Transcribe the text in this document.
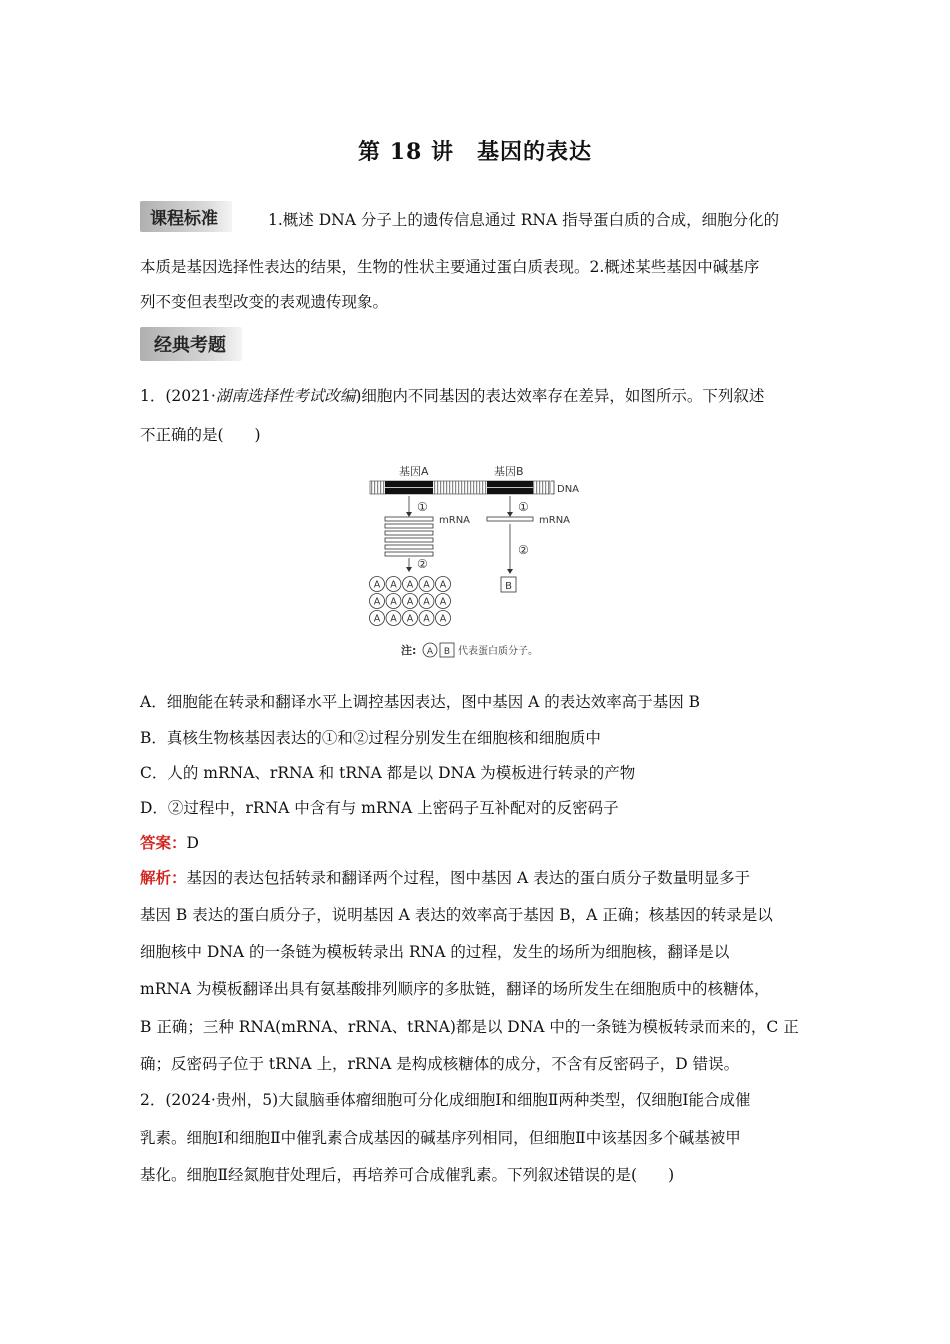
第 18 讲　基因的表达
课程标准	1.概述 DNA 分子上的遗传信息通过 RNA 指导蛋白质的合成，细胞分化的
本质是基因选择性表达的结果，生物的性状主要通过蛋白质表现。2.概述某些基因中碱基序
列不变但表型改变的表观遗传现象。
经典考题
1．(2021·湖南选择性考试改编)细胞内不同基因的表达效率存在差异，如图所示。下列叙述
不正确的是(　　)
基因A	基因B
DNA
①	①
mRNA	mRNA
②
②
A A A A A
A A A A A
A A A A A
B
注: A B 代表蛋白质分子。
A．细胞能在转录和翻译水平上调控基因表达，图中基因 A 的表达效率高于基因 B
B．真核生物核基因表达的①和②过程分别发生在细胞核和细胞质中
C．人的 mRNA、rRNA 和 tRNA 都是以 DNA 为模板进行转录的产物
D．②过程中，rRNA 中含有与 mRNA 上密码子互补配对的反密码子
答案：D
解析：基因的表达包括转录和翻译两个过程，图中基因 A 表达的蛋白质分子数量明显多于
基因 B 表达的蛋白质分子，说明基因 A 表达的效率高于基因 B，A 正确；核基因的转录是以
细胞核中 DNA 的一条链为模板转录出 RNA 的过程，发生的场所为细胞核，翻译是以
mRNA 为模板翻译出具有氨基酸排列顺序的多肽链，翻译的场所发生在细胞质中的核糖体，
B 正确；三种 RNA(mRNA、rRNA、tRNA)都是以 DNA 中的一条链为模板转录而来的，C 正
确；反密码子位于 tRNA 上，rRNA 是构成核糖体的成分，不含有反密码子，D 错误。
2．(2024·贵州，5)大鼠脑垂体瘤细胞可分化成细胞Ⅰ和细胞Ⅱ两种类型，仅细胞Ⅰ能合成催
乳素。细胞Ⅰ和细胞Ⅱ中催乳素合成基因的碱基序列相同，但细胞Ⅱ中该基因多个碱基被甲
基化。细胞Ⅱ经氮胞苷处理后，再培养可合成催乳素。下列叙述错误的是(　　)
